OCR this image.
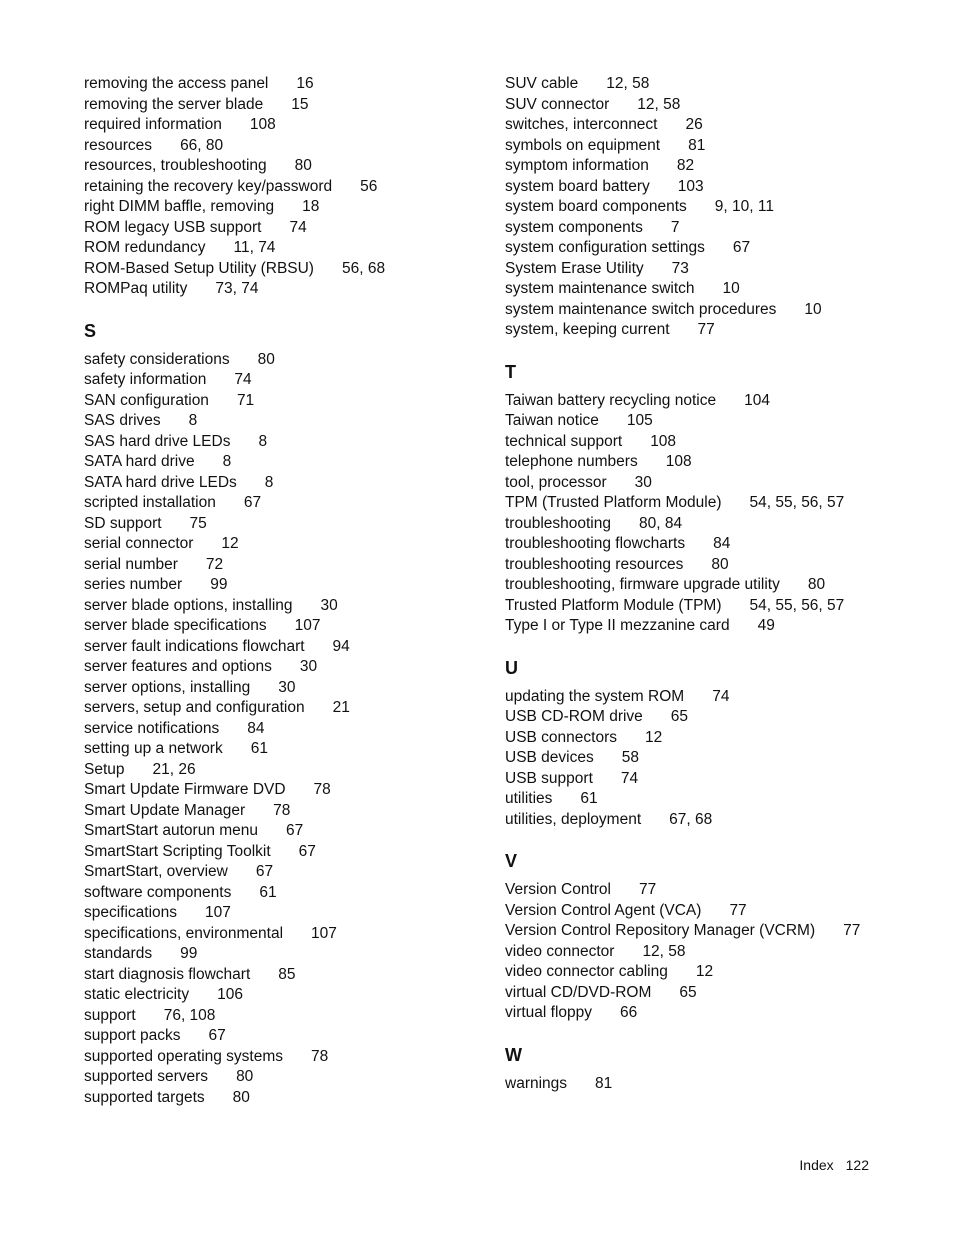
removing the access panel 16
removing the server blade 15
required information 108
resources 66, 80
resources, troubleshooting 80
retaining the recovery key/password 56
right DIMM baffle, removing 18
ROM legacy USB support 74
ROM redundancy 11, 74
ROM-Based Setup Utility (RBSU) 56, 68
ROMPaq utility 73, 74
S
safety considerations 80
safety information 74
SAN configuration 71
SAS drives 8
SAS hard drive LEDs 8
SATA hard drive 8
SATA hard drive LEDs 8
scripted installation 67
SD support 75
serial connector 12
serial number 72
series number 99
server blade options, installing 30
server blade specifications 107
server fault indications flowchart 94
server features and options 30
server options, installing 30
servers, setup and configuration 21
service notifications 84
setting up a network 61
Setup 21, 26
Smart Update Firmware DVD 78
Smart Update Manager 78
SmartStart autorun menu 67
SmartStart Scripting Toolkit 67
SmartStart, overview 67
software components 61
specifications 107
specifications, environmental 107
standards 99
start diagnosis flowchart 85
static electricity 106
support 76, 108
support packs 67
supported operating systems 78
supported servers 80
supported targets 80
SUV cable 12, 58
SUV connector 12, 58
switches, interconnect 26
symbols on equipment 81
symptom information 82
system board battery 103
system board components 9, 10, 11
system components 7
system configuration settings 67
System Erase Utility 73
system maintenance switch 10
system maintenance switch procedures 10
system, keeping current 77
T
Taiwan battery recycling notice 104
Taiwan notice 105
technical support 108
telephone numbers 108
tool, processor 30
TPM (Trusted Platform Module) 54, 55, 56, 57
troubleshooting 80, 84
troubleshooting flowcharts 84
troubleshooting resources 80
troubleshooting, firmware upgrade utility 80
Trusted Platform Module (TPM) 54, 55, 56, 57
Type I or Type II mezzanine card 49
U
updating the system ROM 74
USB CD-ROM drive 65
USB connectors 12
USB devices 58
USB support 74
utilities 61
utilities, deployment 67, 68
V
Version Control 77
Version Control Agent (VCA) 77
Version Control Repository Manager (VCRM) 77
video connector 12, 58
video connector cabling 12
virtual CD/DVD-ROM 65
virtual floppy 66
W
warnings 81
Index 122
